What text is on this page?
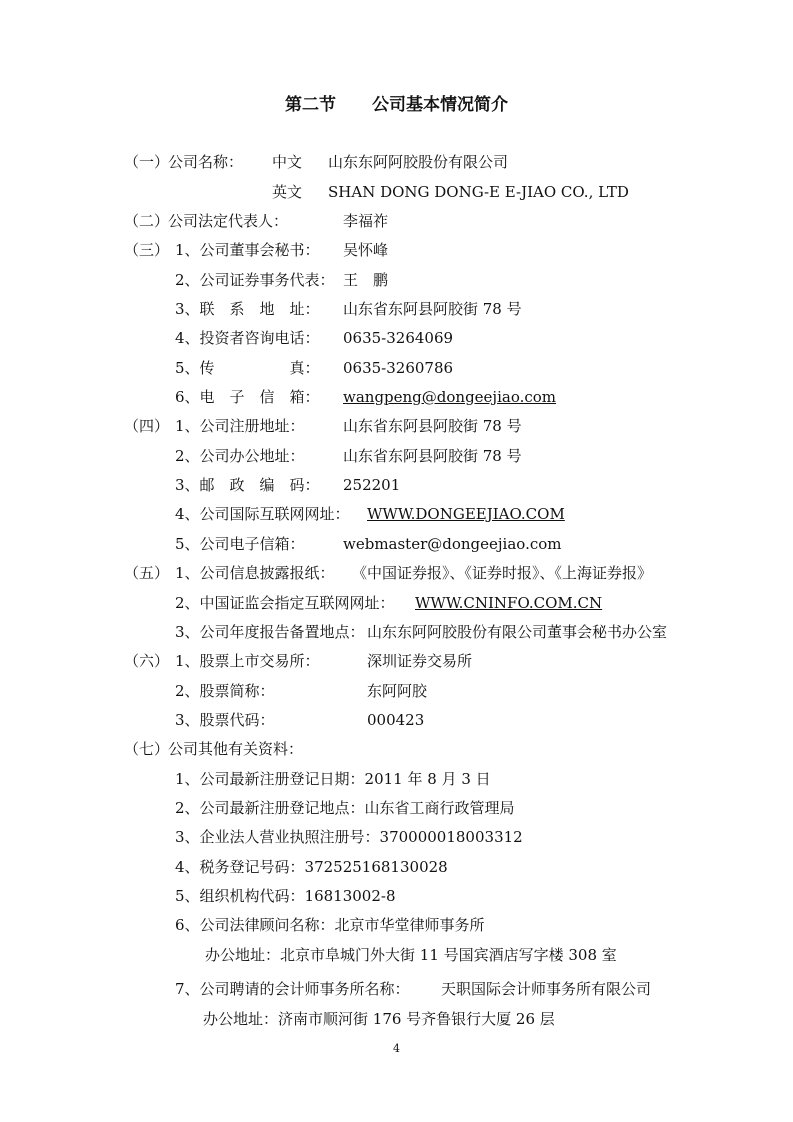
第二节 公司基本情况简介
（一）
公司名称： 中文 山东东阿阿胶股份有限公司
英文 SHAN DONG DONG-E E-JIAO CO., LTD
（二）
公司法定代表人：	李福祚
（三） 1、公司董事会秘书： 吴怀峰
2、公司证券事务代表： 王　鹏
3、联　系　地　址： 山东省东阿县阿胶街 78 号
4、投资者咨询电话： 0635-3264069
5、传　　　　　真： 0635-3260786
6、电　子　信　箱： wangpeng@dongeejiao.com
（四） 1、公司注册地址：	山东省东阿县阿胶街 78 号
2、公司办公地址：	山东省东阿县阿胶街 78 号
3、邮　政　编　码： 252201
4、公司国际互联网网址： WWW.DONGEEJIAO.COM
5、公司电子信箱：	webmaster@dongeejiao.com
（五） 1、公司信息披露报纸： 《中国证券报》、《证券时报》、《上海证券报》
2、中国证监会指定互联网网址： WWW.CNINFO.COM.CN
3、公司年度报告备置地点： 山东东阿阿胶股份有限公司董事会秘书办公室
（六） 1、股票上市交易所：	深圳证券交易所
2、股票简称：	东阿阿胶
3、股票代码：	000423
（七）
公司其他有关资料：
1、公司最新注册登记日期：2011 年 8 月 3 日
2、公司最新注册登记地点：山东省工商行政管理局
3、企业法人营业执照注册号：370000018003312
4、税务登记号码：372525168130028
5、组织机构代码：16813002-8
6、公司法律顾问名称：北京市华堂律师事务所
办公地址：北京市阜城门外大街 11 号国宾酒店写字楼 308 室
7、公司聘请的会计师事务所名称： 天职国际会计师事务所有限公司
办公地址：济南市顺河街 176 号齐鲁银行大厦 26 层
4
